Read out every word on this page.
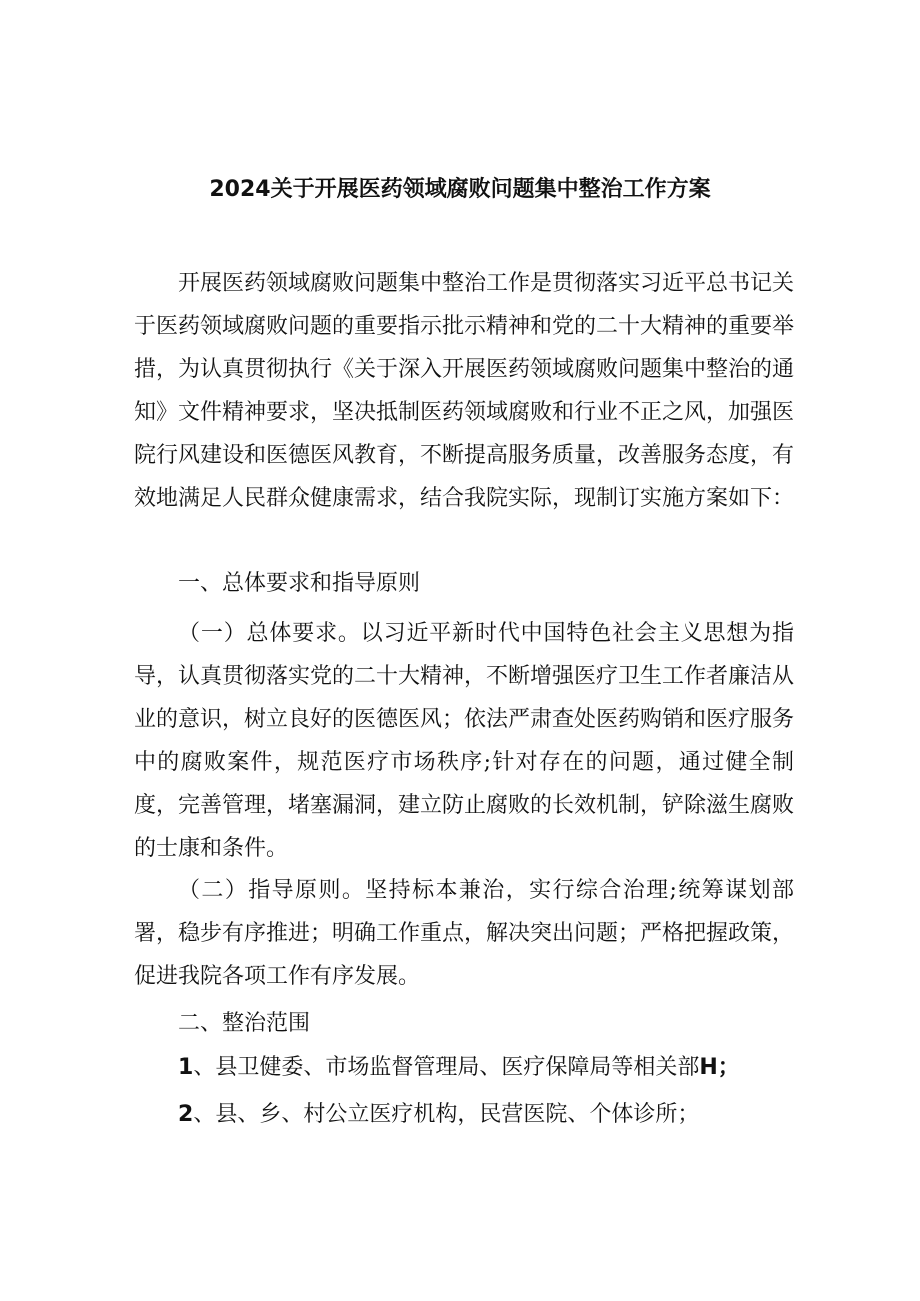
2024关于开展医药领域腐败问题集中整治工作方案

开展医药领域腐败问题集中整治工作是贯彻落实习近平总书记关于医药领域腐败问题的重要指示批示精神和党的二十大精神的重要举措，为认真贯彻执行《关于深入开展医药领域腐败问题集中整治的通知》文件精神要求，坚决抵制医药领域腐败和行业不正之风，加强医院行风建设和医德医风教育，不断提高服务质量，改善服务态度，有效地满足人民群众健康需求，结合我院实际，现制订实施方案如下：

一、总体要求和指导原则

（一）总体要求。以习近平新时代中国特色社会主义思想为指导，认真贯彻落实党的二十大精神，不断增强医疗卫生工作者廉洁从业的意识，树立良好的医德医风；依法严肃查处医药购销和医疗服务中的腐败案件，规范医疗市场秩序;针对存在的问题，通过健全制度，完善管理，堵塞漏洞，建立防止腐败的长效机制，铲除滋生腐败的士康和条件。

（二）指导原则。坚持标本兼治，实行综合治理;统筹谋划部署，稳步有序推进；明确工作重点，解决突出问题；严格把握政策，促进我院各项工作有序发展。

二、整治范围

1、县卫健委、市场监督管理局、医疗保障局等相关部H；

2、县、乡、村公立医疗机构，民营医院、个体诊所；
